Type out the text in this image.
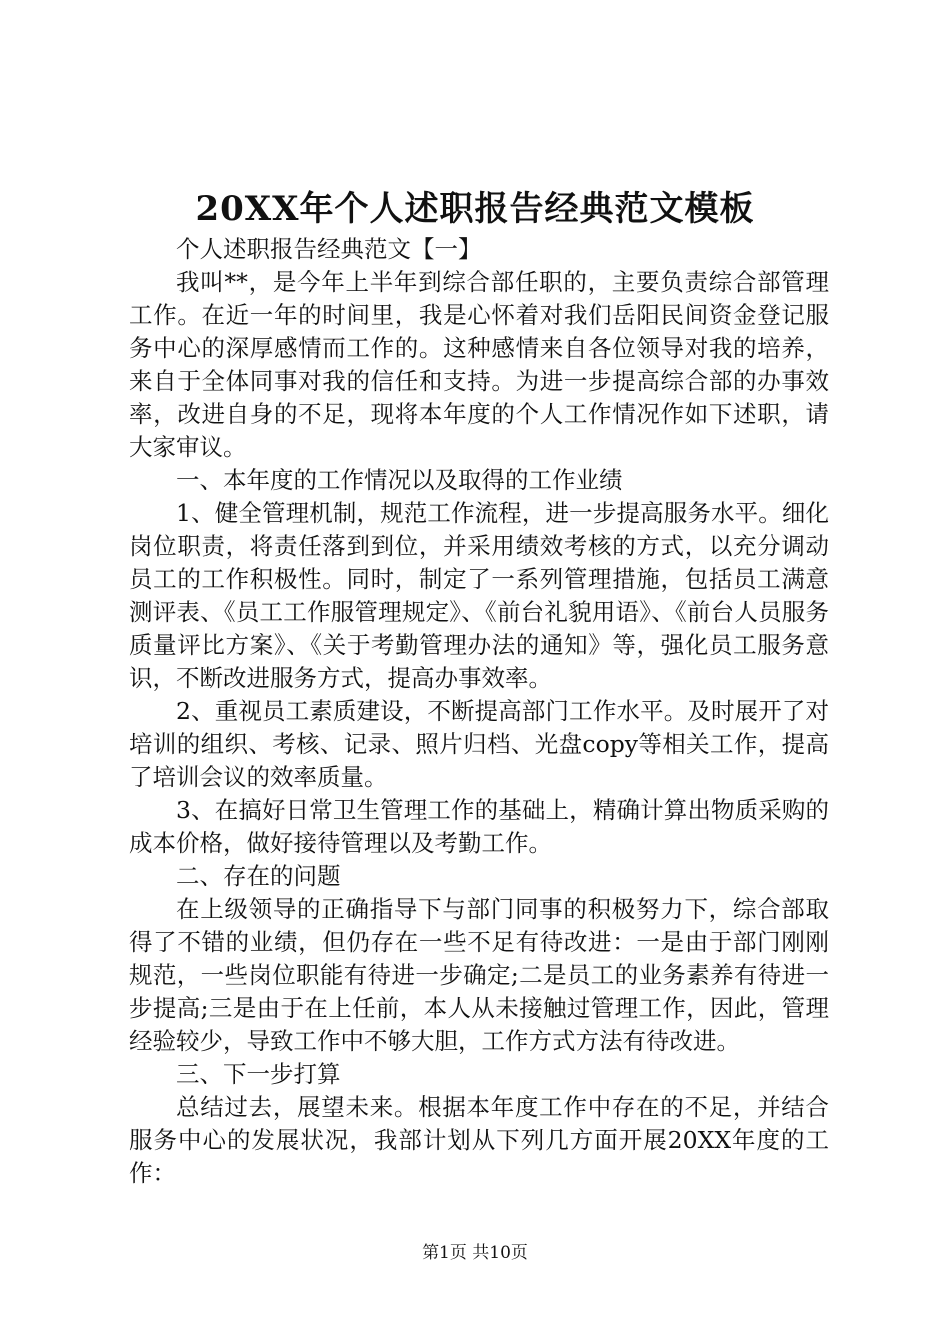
20XX年个人述职报告经典范文模板

个人述职报告经典范文【一】

我叫**，是今年上半年到综合部任职的，主要负责综合部管理工作。在近一年的时间里，我是心怀着对我们岳阳民间资金登记服务中心的深厚感情而工作的。这种感情来自各位领导对我的培养，来自于全体同事对我的信任和支持。为进一步提高综合部的办事效率，改进自身的不足，现将本年度的个人工作情况作如下述职，请大家审议。

一、本年度的工作情况以及取得的工作业绩

1、健全管理机制，规范工作流程，进一步提高服务水平。细化岗位职责，将责任落到到位，并采用绩效考核的方式，以充分调动员工的工作积极性。同时，制定了一系列管理措施，包括员工满意测评表、《员工工作服管理规定》、《前台礼貌用语》、《前台人员服务质量评比方案》、《关于考勤管理办法的通知》等，强化员工服务意识，不断改进服务方式，提高办事效率。

2、重视员工素质建设，不断提高部门工作水平。及时展开了对培训的组织、考核、记录、照片归档、光盘copy等相关工作，提高了培训会议的效率质量。

3、在搞好日常卫生管理工作的基础上，精确计算出物质采购的成本价格，做好接待管理以及考勤工作。

二、存在的问题

在上级领导的正确指导下与部门同事的积极努力下，综合部取得了不错的业绩，但仍存在一些不足有待改进：一是由于部门刚刚规范，一些岗位职能有待进一步确定;二是员工的业务素养有待进一步提高;三是由于在上任前，本人从未接触过管理工作，因此，管理经验较少，导致工作中不够大胆，工作方式方法有待改进。

三、下一步打算

总结过去，展望未来。根据本年度工作中存在的不足，并结合服务中心的发展状况，我部计划从下列几方面开展20XX年度的工作：

第1页 共10页
